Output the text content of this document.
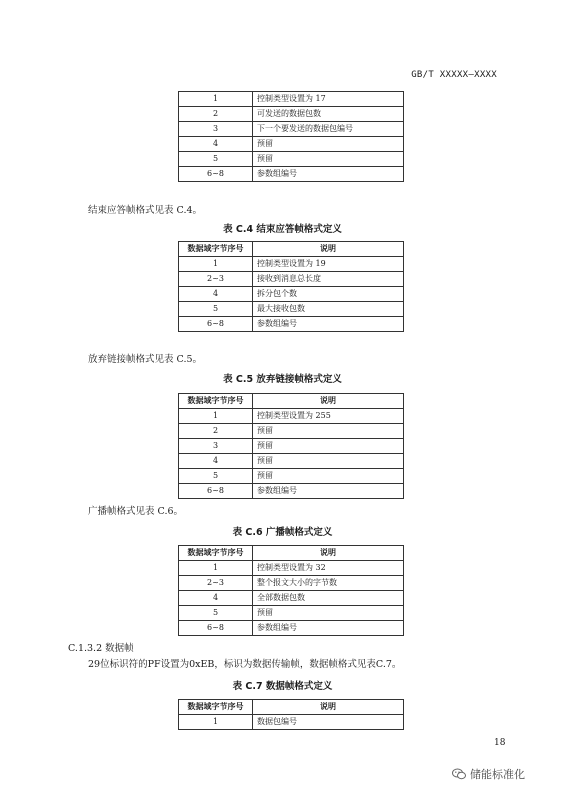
GB/T XXXXX—XXXX
1	控制类型设置为 17
2	可发送的数据包数
3	下一个要发送的数据包编号
4	预留
5	预留
6~8	参数组编号
结束应答帧格式见表 C.4。
表 C.4 结束应答帧格式定义
数据域字节序号	说明
1	控制类型设置为 19
2~3	接收到消息总长度
4	拆分包个数
5	最大接收包数
6~8	参数组编号
放弃链接帧格式见表 C.5。
表 C.5 放弃链接帧格式定义
数据域字节序号	说明
1	控制类型设置为 255
2	预留
3	预留
4	预留
5	预留
6~8	参数组编号
广播帧格式见表 C.6。
表 C.6 广播帧格式定义
数据域字节序号	说明
1	控制类型设置为 32
2~3	整个报文大小的字节数
4	全部数据包数
5	预留
6~8	参数组编号
C.1.3.2 数据帧
29位标识符的PF设置为0xEB，标识为数据传输帧，数据帧格式见表C.7。
表 C.7 数据帧格式定义
数据域字节序号	说明
1	数据包编号
18
储能标准化
